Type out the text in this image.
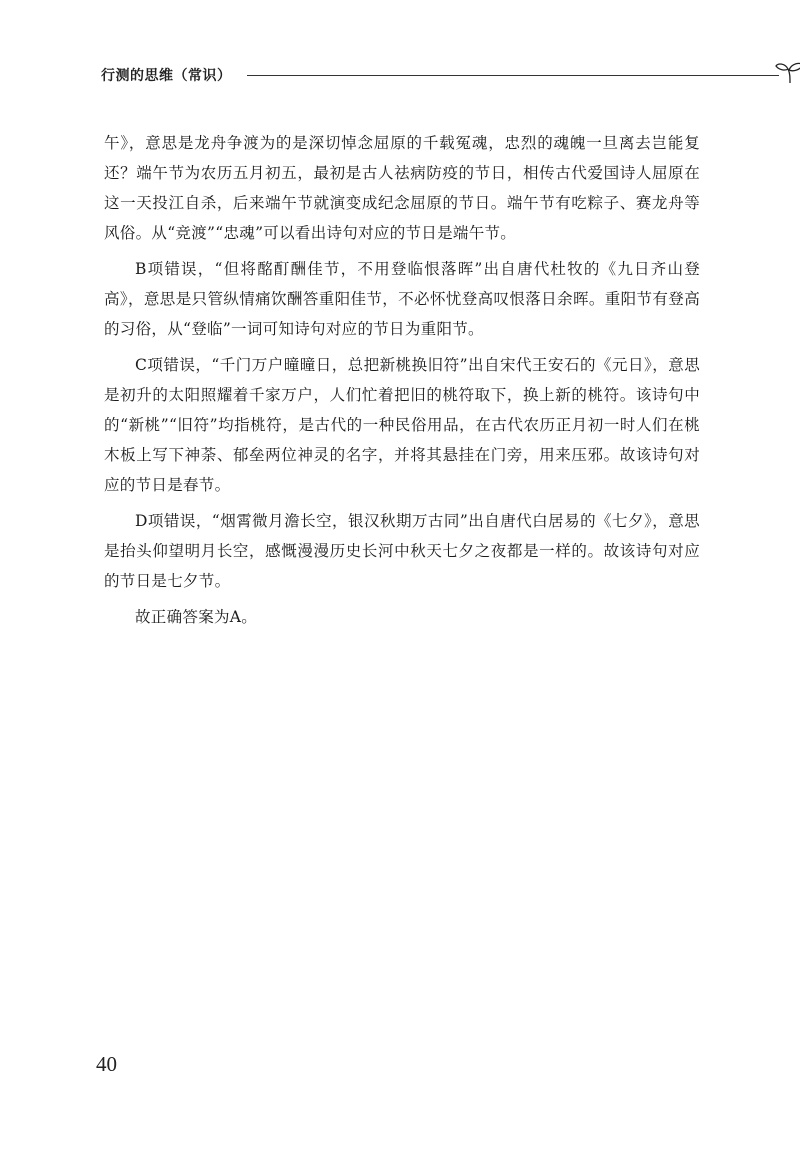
行测的思维（常识）

午》，意思是龙舟争渡为的是深切悼念屈原的千载冤魂，忠烈的魂魄一旦离去岂能复还？端午节为农历五月初五，最初是古人祛病防疫的节日，相传古代爱国诗人屈原在这一天投江自杀，后来端午节就演变成纪念屈原的节日。端午节有吃粽子、赛龙舟等风俗。从“竞渡”“忠魂”可以看出诗句对应的节日是端午节。

B项错误，“但将酩酊酬佳节，不用登临恨落晖”出自唐代杜牧的《九日齐山登高》，意思是只管纵情痛饮酬答重阳佳节，不必怀忧登高叹恨落日余晖。重阳节有登高的习俗，从“登临”一词可知诗句对应的节日为重阳节。

C项错误，“千门万户曈曈日，总把新桃换旧符”出自宋代王安石的《元日》，意思是初升的太阳照耀着千家万户，人们忙着把旧的桃符取下，换上新的桃符。该诗句中的“新桃”“旧符”均指桃符，是古代的一种民俗用品，在古代农历正月初一时人们在桃木板上写下神荼、郁垒两位神灵的名字，并将其悬挂在门旁，用来压邪。故该诗句对应的节日是春节。

D项错误，“烟霄微月澹长空，银汉秋期万古同”出自唐代白居易的《七夕》，意思是抬头仰望明月长空，感慨漫漫历史长河中秋天七夕之夜都是一样的。故该诗句对应的节日是七夕节。

故正确答案为A。

40
